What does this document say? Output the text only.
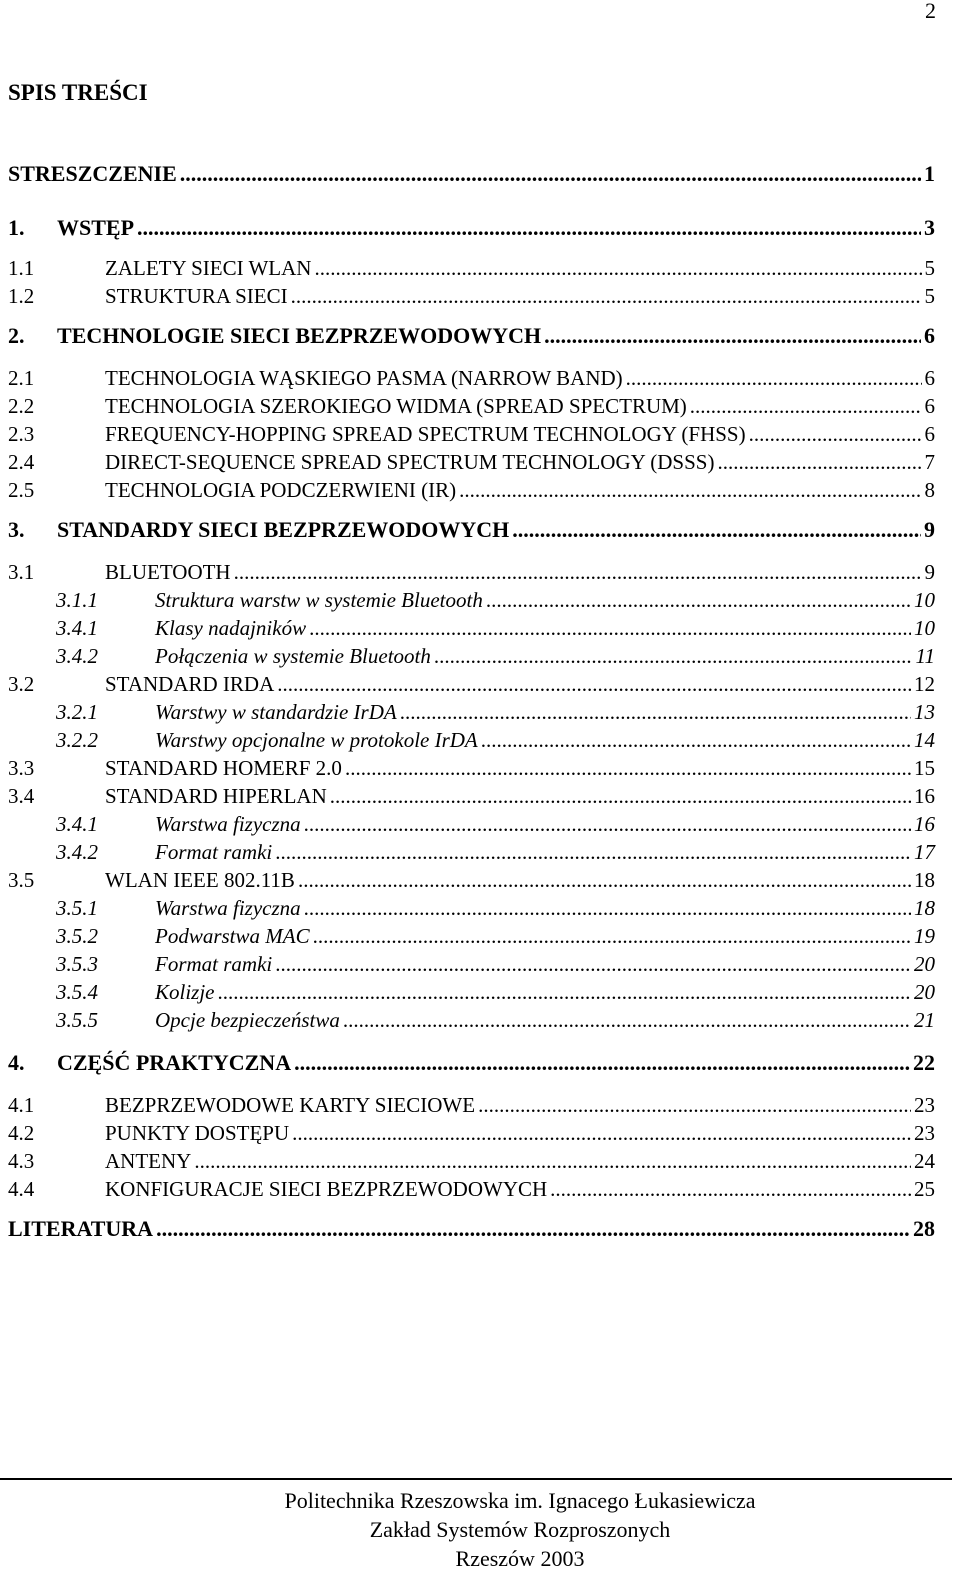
2
SPIS TREŚCI
STRESZCZENIE .....	1
1.	WSTĘP .....	3
1.1	ZALETY SIECI WLAN .....	5
1.2	STRUKTURA SIECI .....	5
2.	TECHNOLOGIE SIECI BEZPRZEWODOWYCH .....	6
2.1	TECHNOLOGIA WĄSKIEGO PASMA (NARROW BAND) .....	6
2.2	TECHNOLOGIA SZEROKIEGO WIDMA (SPREAD SPECTRUM) .....	6
2.3	FREQUENCY-HOPPING SPREAD SPECTRUM TECHNOLOGY (FHSS) .....	6
2.4	DIRECT-SEQUENCE SPREAD SPECTRUM TECHNOLOGY (DSSS) .....	7
2.5	TECHNOLOGIA PODCZERWIENI (IR) .....	8
3.	STANDARDY SIECI BEZPRZEWODOWYCH .....	9
3.1	BLUETOOTH .....	9
3.1.1	Struktura warstw w systemie Bluetooth .....	10
3.4.1	Klasy nadajników .....	10
3.4.2	Połączenia w systemie Bluetooth .....	11
3.2	STANDARD IRDA .....	12
3.2.1	Warstwy w standardzie IrDA .....	13
3.2.2	Warstwy opcjonalne w protokole IrDA .....	14
3.3	STANDARD HOMERF 2.0 .....	15
3.4	STANDARD HIPERLAN .....	16
3.4.1	Warstwa fizyczna .....	16
3.4.2	Format ramki .....	17
3.5	WLAN IEEE 802.11B .....	18
3.5.1	Warstwa fizyczna .....	18
3.5.2	Podwarstwa MAC .....	19
3.5.3	Format ramki .....	20
3.5.4	Kolizje .....	20
3.5.5	Opcje bezpieczeństwa .....	21
4.	CZĘŚĆ PRAKTYCZNA .....	22
4.1	BEZPRZEWODOWE KARTY SIECIOWE .....	23
4.2	PUNKTY DOSTĘPU .....	23
4.3	ANTENY .....	24
4.4	KONFIGURACJE SIECI BEZPRZEWODOWYCH .....	25
LITERATURA .....	28
Politechnika Rzeszowska im. Ignacego Łukasiewicza
Zakład Systemów Rozproszonych
Rzeszów 2003
